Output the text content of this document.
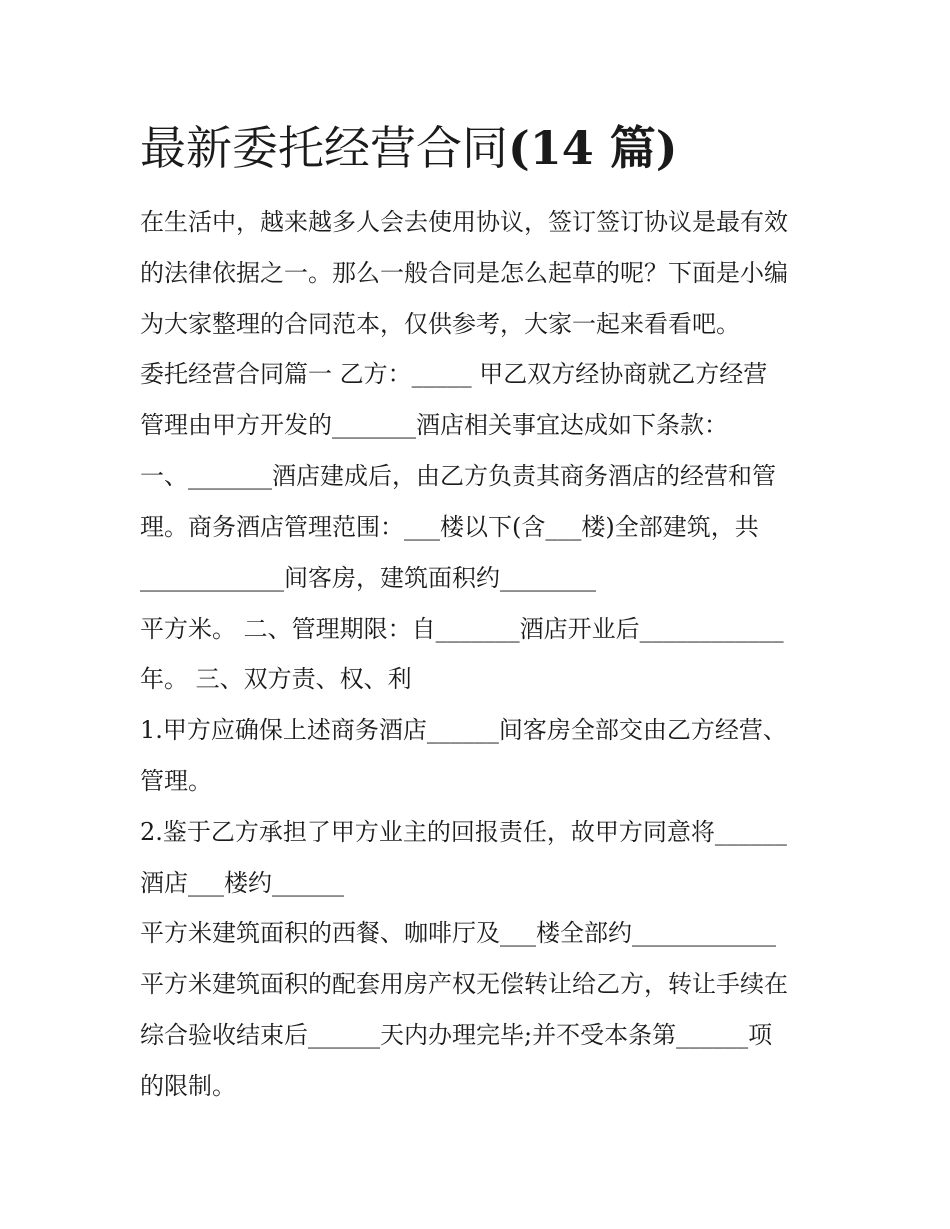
最新委托经营合同(14 篇)

在生活中，越来越多人会去使用协议，签订签订协议是最有效

的法律依据之一。那么一般合同是怎么起草的呢？下面是小编

为大家整理的合同范本，仅供参考，大家一起来看看吧。

委托经营合同篇一 乙方：_____ 甲乙双方经协商就乙方经营

管理由甲方开发的_______酒店相关事宜达成如下条款：

一、_______酒店建成后，由乙方负责其商务酒店的经营和管

理。商务酒店管理范围：___楼以下(含___楼)全部建筑，共

____________间客房，建筑面积约________

平方米。 二、管理期限：自_______酒店开业后____________

年。 三、双方责、权、利

1.甲方应确保上述商务酒店______间客房全部交由乙方经营、

管理。

2.鉴于乙方承担了甲方业主的回报责任，故甲方同意将______

酒店___楼约______

平方米建筑面积的西餐、咖啡厅及___楼全部约____________

平方米建筑面积的配套用房产权无偿转让给乙方，转让手续在

综合验收结束后______天内办理完毕;并不受本条第______项

的限制。
